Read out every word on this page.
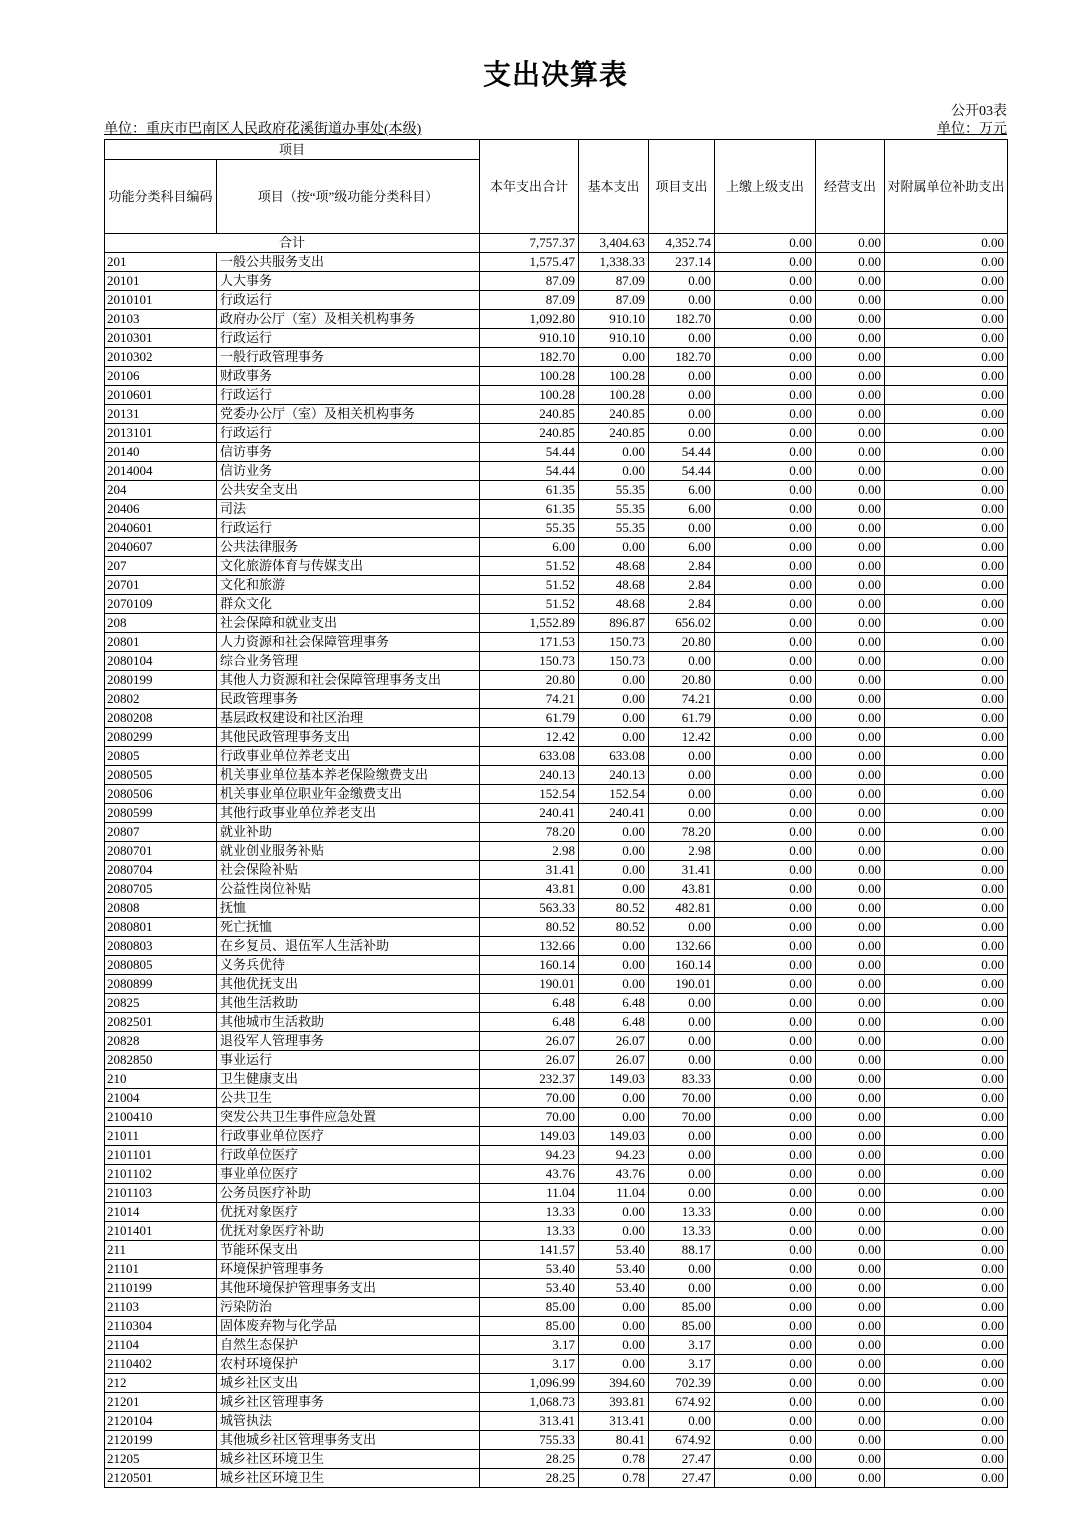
支出决算表
公开03表
单位：重庆市巴南区人民政府花溪街道办事处(本级)	单位：万元
项目		本年支出合计	基本支出	项目支出	上缴上级支出	经营支出	对附属单位补助支出
功能分类科目编码	项目（按“项”级功能分类科目）						
合计		7,757.37	3,404.63	4,352.74	0.00	0.00	0.00
201	一般公共服务支出	1,575.47	1,338.33	237.14	0.00	0.00	0.00
20101	人大事务	87.09	87.09	0.00	0.00	0.00	0.00
2010101	行政运行	87.09	87.09	0.00	0.00	0.00	0.00
20103	政府办公厅（室）及相关机构事务	1,092.80	910.10	182.70	0.00	0.00	0.00
2010301	行政运行	910.10	910.10	0.00	0.00	0.00	0.00
2010302	一般行政管理事务	182.70	0.00	182.70	0.00	0.00	0.00
20106	财政事务	100.28	100.28	0.00	0.00	0.00	0.00
2010601	行政运行	100.28	100.28	0.00	0.00	0.00	0.00
20131	党委办公厅（室）及相关机构事务	240.85	240.85	0.00	0.00	0.00	0.00
2013101	行政运行	240.85	240.85	0.00	0.00	0.00	0.00
20140	信访事务	54.44	0.00	54.44	0.00	0.00	0.00
2014004	信访业务	54.44	0.00	54.44	0.00	0.00	0.00
204	公共安全支出	61.35	55.35	6.00	0.00	0.00	0.00
20406	司法	61.35	55.35	6.00	0.00	0.00	0.00
2040601	行政运行	55.35	55.35	0.00	0.00	0.00	0.00
2040607	公共法律服务	6.00	0.00	6.00	0.00	0.00	0.00
207	文化旅游体育与传媒支出	51.52	48.68	2.84	0.00	0.00	0.00
20701	文化和旅游	51.52	48.68	2.84	0.00	0.00	0.00
2070109	群众文化	51.52	48.68	2.84	0.00	0.00	0.00
208	社会保障和就业支出	1,552.89	896.87	656.02	0.00	0.00	0.00
20801	人力资源和社会保障管理事务	171.53	150.73	20.80	0.00	0.00	0.00
2080104	综合业务管理	150.73	150.73	0.00	0.00	0.00	0.00
2080199	其他人力资源和社会保障管理事务支出	20.80	0.00	20.80	0.00	0.00	0.00
20802	民政管理事务	74.21	0.00	74.21	0.00	0.00	0.00
2080208	基层政权建设和社区治理	61.79	0.00	61.79	0.00	0.00	0.00
2080299	其他民政管理事务支出	12.42	0.00	12.42	0.00	0.00	0.00
20805	行政事业单位养老支出	633.08	633.08	0.00	0.00	0.00	0.00
2080505	机关事业单位基本养老保险缴费支出	240.13	240.13	0.00	0.00	0.00	0.00
2080506	机关事业单位职业年金缴费支出	152.54	152.54	0.00	0.00	0.00	0.00
2080599	其他行政事业单位养老支出	240.41	240.41	0.00	0.00	0.00	0.00
20807	就业补助	78.20	0.00	78.20	0.00	0.00	0.00
2080701	就业创业服务补贴	2.98	0.00	2.98	0.00	0.00	0.00
2080704	社会保险补贴	31.41	0.00	31.41	0.00	0.00	0.00
2080705	公益性岗位补贴	43.81	0.00	43.81	0.00	0.00	0.00
20808	抚恤	563.33	80.52	482.81	0.00	0.00	0.00
2080801	死亡抚恤	80.52	80.52	0.00	0.00	0.00	0.00
2080803	在乡复员、退伍军人生活补助	132.66	0.00	132.66	0.00	0.00	0.00
2080805	义务兵优待	160.14	0.00	160.14	0.00	0.00	0.00
2080899	其他优抚支出	190.01	0.00	190.01	0.00	0.00	0.00
20825	其他生活救助	6.48	6.48	0.00	0.00	0.00	0.00
2082501	其他城市生活救助	6.48	6.48	0.00	0.00	0.00	0.00
20828	退役军人管理事务	26.07	26.07	0.00	0.00	0.00	0.00
2082850	事业运行	26.07	26.07	0.00	0.00	0.00	0.00
210	卫生健康支出	232.37	149.03	83.33	0.00	0.00	0.00
21004	公共卫生	70.00	0.00	70.00	0.00	0.00	0.00
2100410	突发公共卫生事件应急处置	70.00	0.00	70.00	0.00	0.00	0.00
21011	行政事业单位医疗	149.03	149.03	0.00	0.00	0.00	0.00
2101101	行政单位医疗	94.23	94.23	0.00	0.00	0.00	0.00
2101102	事业单位医疗	43.76	43.76	0.00	0.00	0.00	0.00
2101103	公务员医疗补助	11.04	11.04	0.00	0.00	0.00	0.00
21014	优抚对象医疗	13.33	0.00	13.33	0.00	0.00	0.00
2101401	优抚对象医疗补助	13.33	0.00	13.33	0.00	0.00	0.00
211	节能环保支出	141.57	53.40	88.17	0.00	0.00	0.00
21101	环境保护管理事务	53.40	53.40	0.00	0.00	0.00	0.00
2110199	其他环境保护管理事务支出	53.40	53.40	0.00	0.00	0.00	0.00
21103	污染防治	85.00	0.00	85.00	0.00	0.00	0.00
2110304	固体废弃物与化学品	85.00	0.00	85.00	0.00	0.00	0.00
21104	自然生态保护	3.17	0.00	3.17	0.00	0.00	0.00
2110402	农村环境保护	3.17	0.00	3.17	0.00	0.00	0.00
212	城乡社区支出	1,096.99	394.60	702.39	0.00	0.00	0.00
21201	城乡社区管理事务	1,068.73	393.81	674.92	0.00	0.00	0.00
2120104	城管执法	313.41	313.41	0.00	0.00	0.00	0.00
2120199	其他城乡社区管理事务支出	755.33	80.41	674.92	0.00	0.00	0.00
21205	城乡社区环境卫生	28.25	0.78	27.47	0.00	0.00	0.00
2120501	城乡社区环境卫生	28.25	0.78	27.47	0.00	0.00	0.00
